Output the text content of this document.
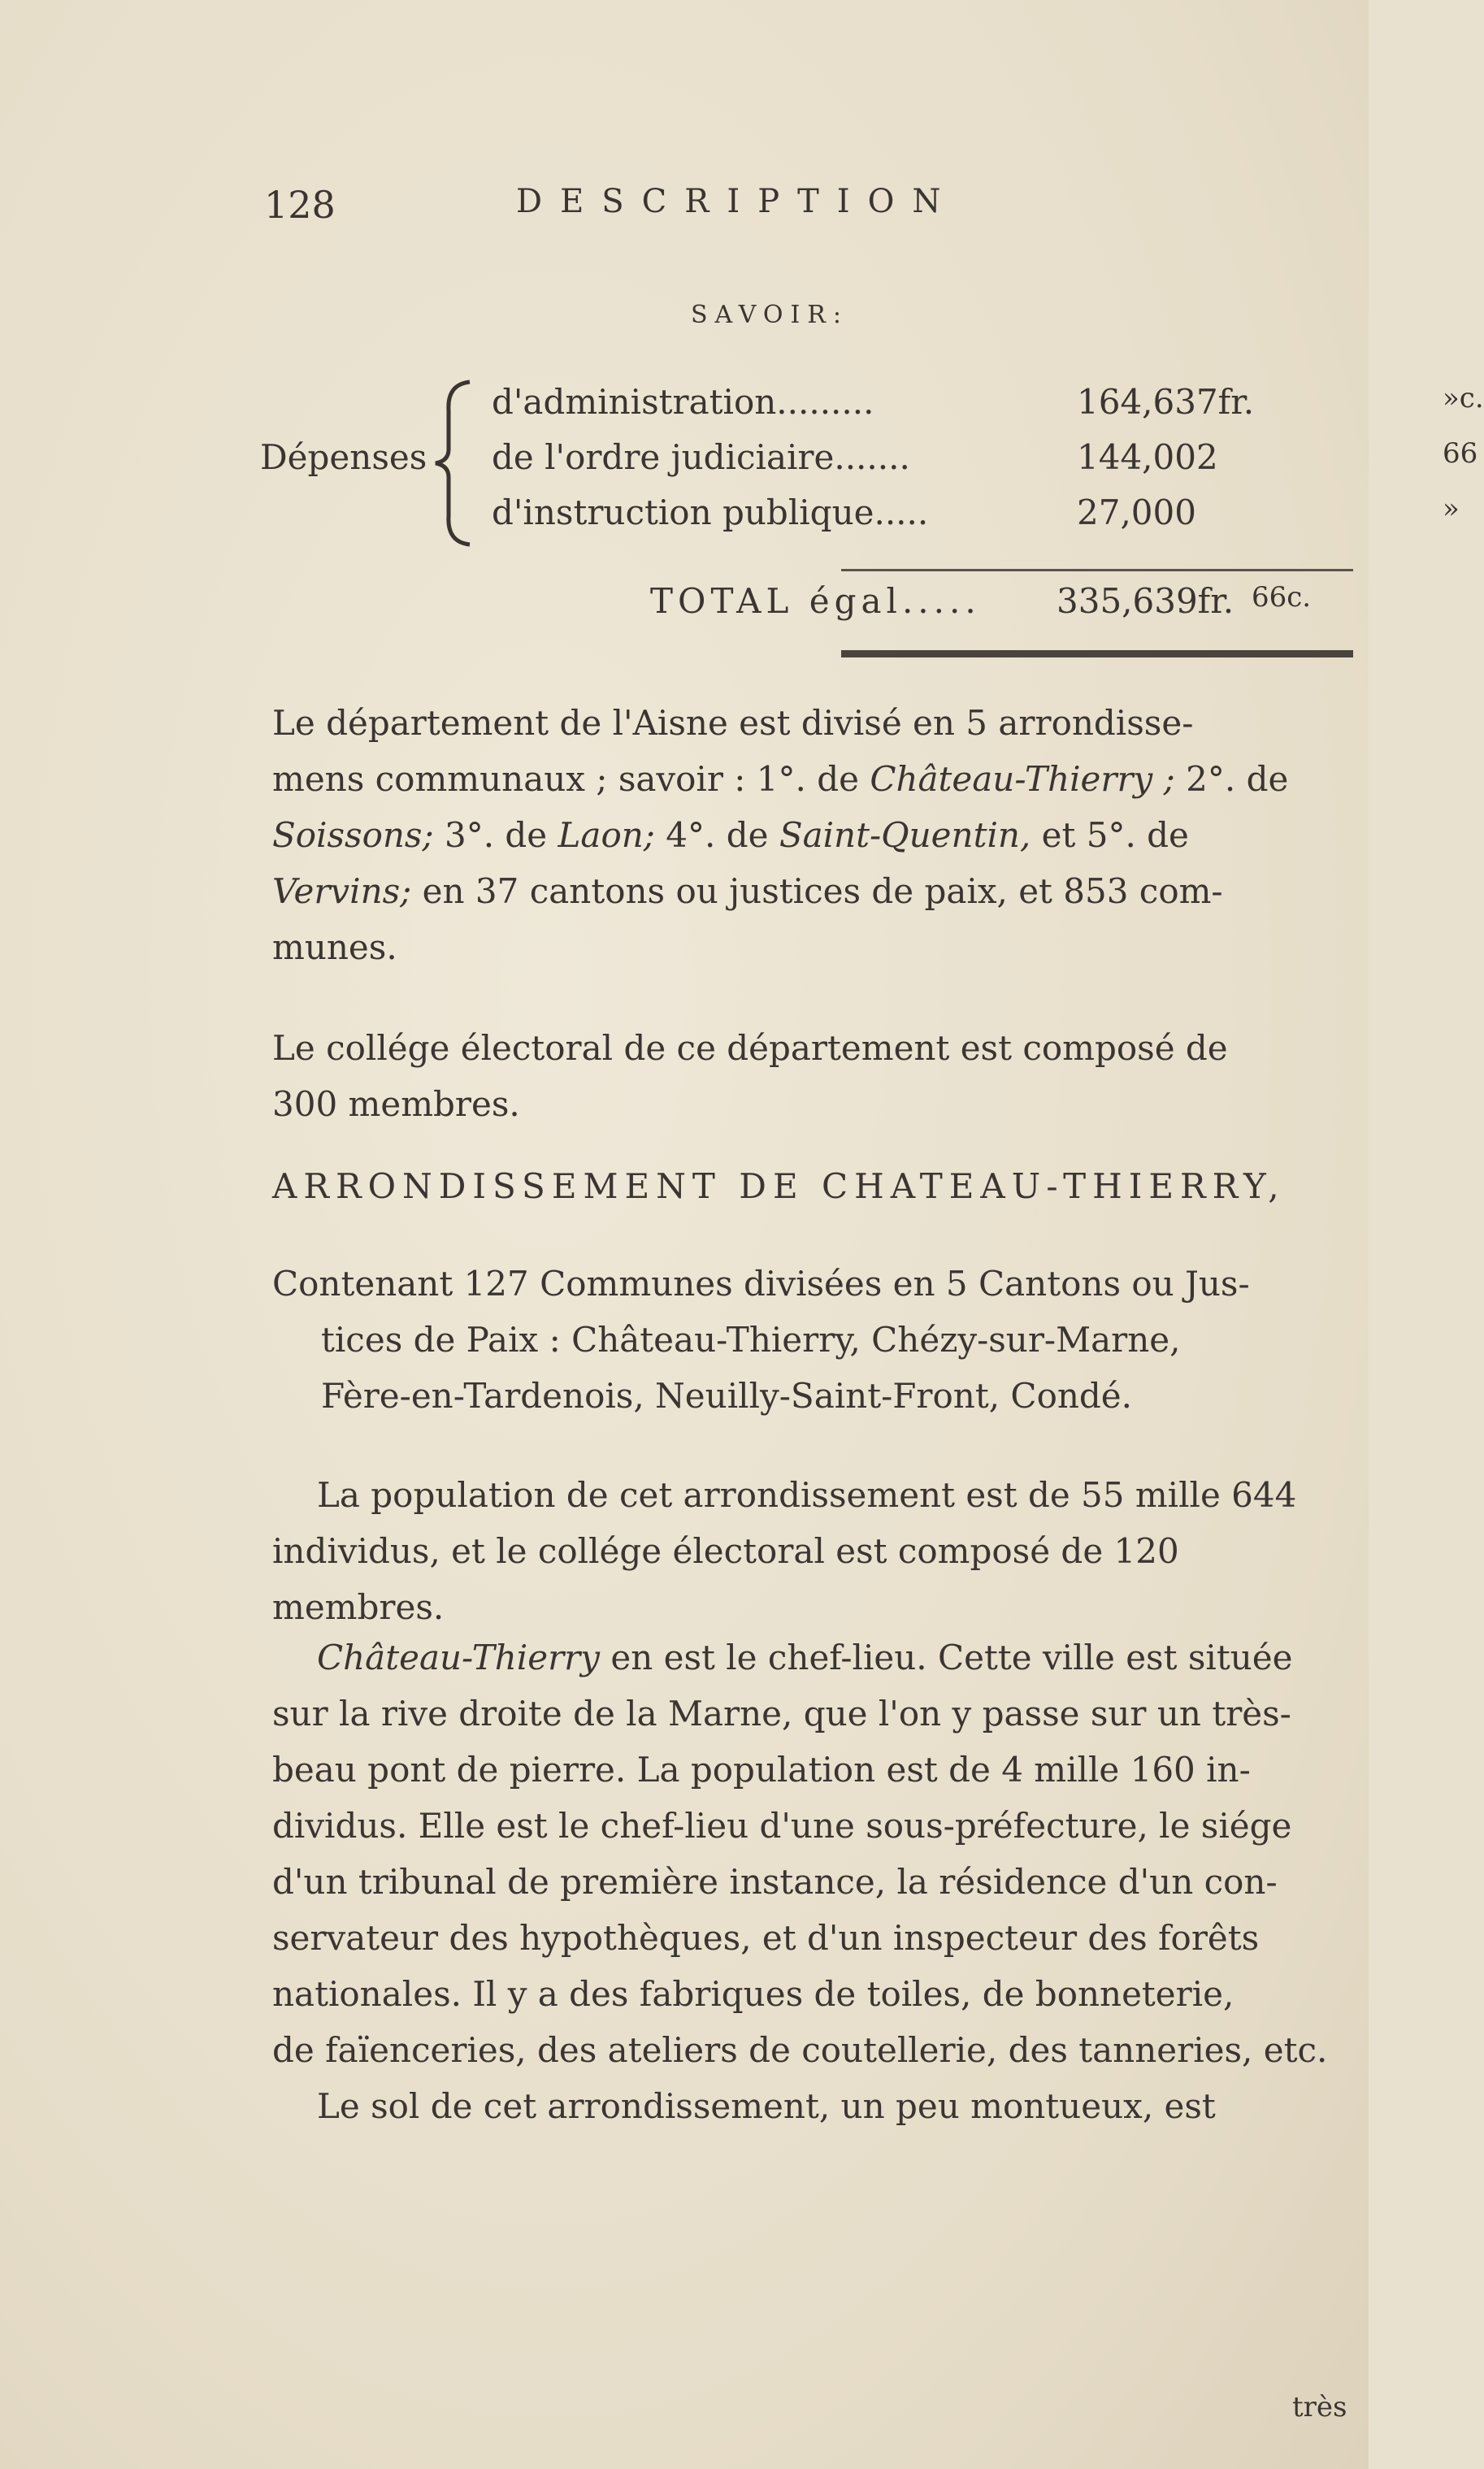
128	DESCRIPTION
SAVOIR:
Dépenses
d'administration.........	164,637fr.	»c.
de l'ordre judiciaire.......	144,002	66
d'instruction publique.....	27,000	»
TOTAL égal..... 335,639fr. 66c.
Le département de l'Aisne est divisé en 5 arrondisse-
mens communaux ; savoir : 1°. de Château-Thierry ; 2°. de
Soissons; 3°. de Laon; 4°. de Saint-Quentin, et 5°. de
Vervins; en 37 cantons ou justices de paix, et 853 com-
munes.
Le collége électoral de ce département est composé de
300 membres.
ARRONDISSEMENT DE CHATEAU-THIERRY,
Contenant 127 Communes divisées en 5 Cantons ou Jus-
tices de Paix : Château-Thierry, Chézy-sur-Marne,
Fère-en-Tardenois, Neuilly-Saint-Front, Condé.
La population de cet arrondissement est de 55 mille 644
individus, et le collége électoral est composé de 120
membres.
Château-Thierry en est le chef-lieu. Cette ville est située
sur la rive droite de la Marne, que l'on y passe sur un très-
beau pont de pierre. La population est de 4 mille 160 in-
dividus. Elle est le chef-lieu d'une sous-préfecture, le siége
d'un tribunal de première instance, la résidence d'un con-
servateur des hypothèques, et d'un inspecteur des forêts
nationales. Il y a des fabriques de toiles, de bonneterie,
de faïenceries, des ateliers de coutellerie, des tanneries, etc.
Le sol de cet arrondissement, un peu montueux, est
très
